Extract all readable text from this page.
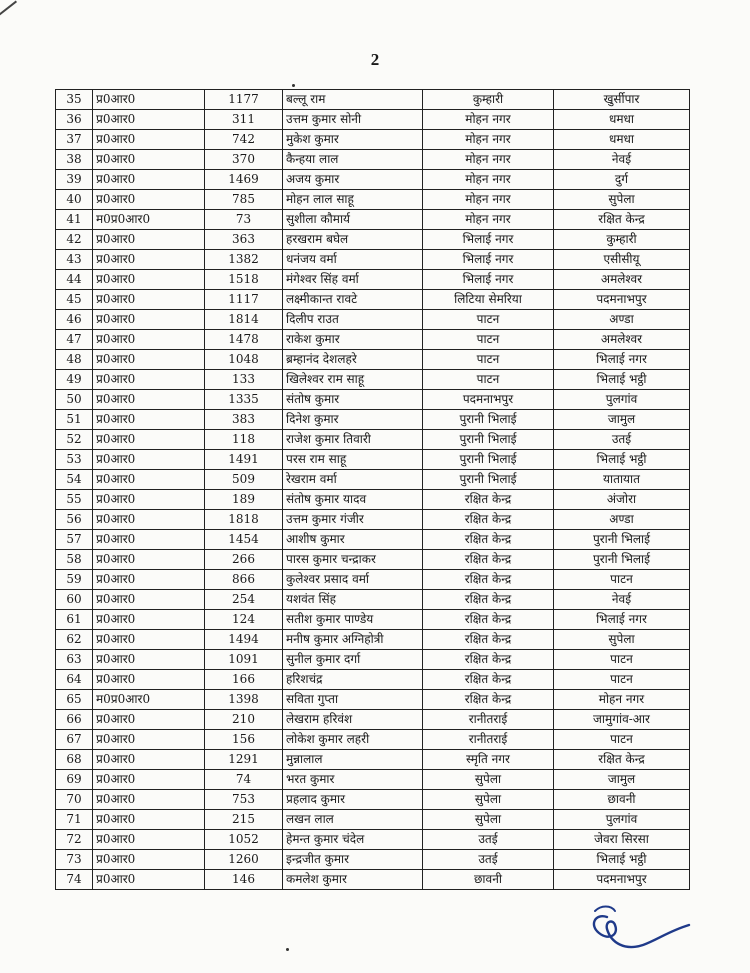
2
35	प्र0आर0	1177	बल्लू राम	कुम्हारी	खुर्सीपार
36	प्र0आर0	311	उत्तम कुमार सोनी	मोहन नगर	धमधा
37	प्र0आर0	742	मुकेश कुमार	मोहन नगर	धमधा
38	प्र0आर0	370	कैन्हया लाल	मोहन नगर	नेवई
39	प्र0आर0	1469	अजय कुमार	मोहन नगर	दुर्ग
40	प्र0आर0	785	मोहन लाल साहू	मोहन नगर	सुपेला
41	म0प्र0आर0	73	सुशीला कौमार्य	मोहन नगर	रक्षित केन्द्र
42	प्र0आर0	363	हरखराम बघेल	भिलाई नगर	कुम्हारी
43	प्र0आर0	1382	धनंजय वर्मा	भिलाई नगर	एसीसीयू
44	प्र0आर0	1518	मंगेश्वर सिंह वर्मा	भिलाई नगर	अमलेश्वर
45	प्र0आर0	1117	लक्ष्मीकान्त रावटे	लिटिया सेमरिया	पदमनाभपुर
46	प्र0आर0	1814	दिलीप राउत	पाटन	अण्डा
47	प्र0आर0	1478	राकेश कुमार	पाटन	अमलेश्वर
48	प्र0आर0	1048	ब्रम्हानंद देशलहरे	पाटन	भिलाई नगर
49	प्र0आर0	133	खिलेश्वर राम साहू	पाटन	भिलाई भट्ठी
50	प्र0आर0	1335	संतोष कुमार	पदमनाभपुर	पुलगांव
51	प्र0आर0	383	दिनेश कुमार	पुरानी भिलाई	जामुल
52	प्र0आर0	118	राजेश कुमार तिवारी	पुरानी भिलाई	उतई
53	प्र0आर0	1491	परस राम साहू	पुरानी भिलाई	भिलाई भट्ठी
54	प्र0आर0	509	रेखराम वर्मा	पुरानी भिलाई	यातायात
55	प्र0आर0	189	संतोष कुमार यादव	रक्षित केन्द्र	अंजोरा
56	प्र0आर0	1818	उत्तम कुमार गंजीर	रक्षित केन्द्र	अण्डा
57	प्र0आर0	1454	आशीष कुमार	रक्षित केन्द्र	पुरानी भिलाई
58	प्र0आर0	266	पारस कुमार चन्द्राकर	रक्षित केन्द्र	पुरानी भिलाई
59	प्र0आर0	866	कुलेश्वर प्रसाद वर्मा	रक्षित केन्द्र	पाटन
60	प्र0आर0	254	यशवंत सिंह	रक्षित केन्द्र	नेवई
61	प्र0आर0	124	सतीश कुमार पाण्डेय	रक्षित केन्द्र	भिलाई नगर
62	प्र0आर0	1494	मनीष कुमार अग्निहोत्री	रक्षित केन्द्र	सुपेला
63	प्र0आर0	1091	सुनील कुमार दर्गा	रक्षित केन्द्र	पाटन
64	प्र0आर0	166	हरिशचंद्र	रक्षित केन्द्र	पाटन
65	म0प्र0आर0	1398	सविता गुप्ता	रक्षित केन्द्र	मोहन नगर
66	प्र0आर0	210	लेखराम हरिवंश	रानीतराई	जामुगांव-आर
67	प्र0आर0	156	लोकेश कुमार लहरी	रानीतराई	पाटन
68	प्र0आर0	1291	मुन्नालाल	स्मृति नगर	रक्षित केन्द्र
69	प्र0आर0	74	भरत कुमार	सुपेला	जामुल
70	प्र0आर0	753	प्रहलाद कुमार	सुपेला	छावनी
71	प्र0आर0	215	लखन लाल	सुपेला	पुलगांव
72	प्र0आर0	1052	हेमन्त कुमार चंदेल	उतई	जेवरा सिरसा
73	प्र0आर0	1260	इन्द्रजीत कुमार	उतई	भिलाई भट्ठी
74	प्र0आर0	146	कमलेश कुमार	छावनी	पदमनाभपुर
